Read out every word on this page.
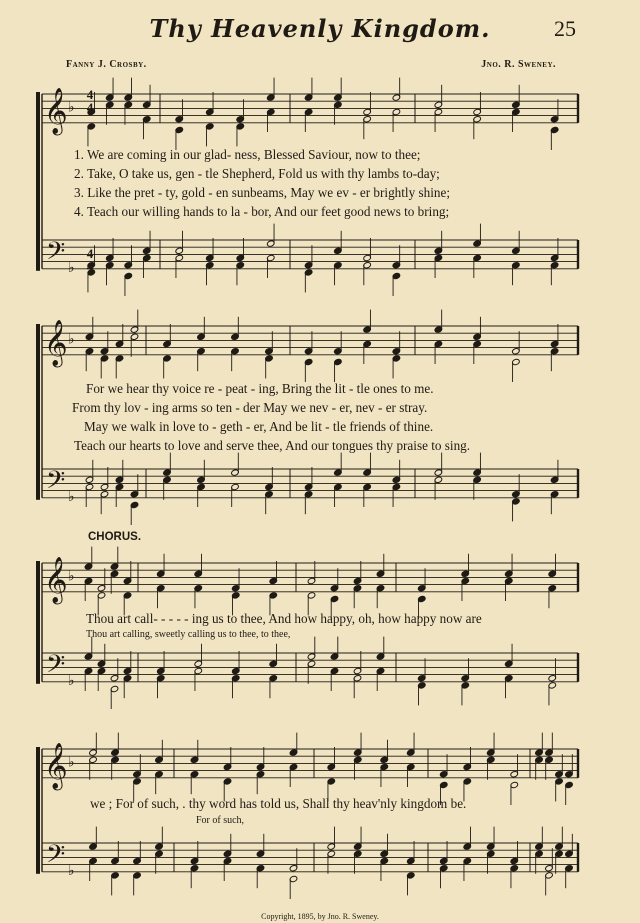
Thy Heavenly Kingdom.	25
Fanny J. Crosby.	Jno. R. Sweney.
𝄞
𝄢
♭
♭
𝄞
𝄢
♭
♭
𝄞
𝄢
♭
♭
𝄞
𝄢
♭
♭
4
4
4
4
1. We are coming in our glad- ness, Blessed Saviour, now to thee;
2. Take, O take us, gen - tle Shepherd, Fold us with thy lambs to-day;
3. Like the pret - ty, gold - en sunbeams, May we ev - er brightly shine;
4. Teach our willing hands to la - bor, And our feet good news to bring;
For we hear thy voice re - peat - ing, Bring the lit - tle ones to me.
From thy lov - ing arms so ten - der May we nev - er, nev - er stray.
May we walk in love to - geth - er, And be lit - tle friends of thine.
Teach our hearts to love and serve thee, And our tongues thy praise to sing.
CHORUS.
Thou art call- - - - - ing us to thee, And how happy, oh, how happy now are
Thou art calling, sweetly calling us to thee, to thee,
we ; For of such, . thy word has told us, Shall thy heav'nly kingdom be.
For of such,
Copyright, 1895, by Jno. R. Sweney.
